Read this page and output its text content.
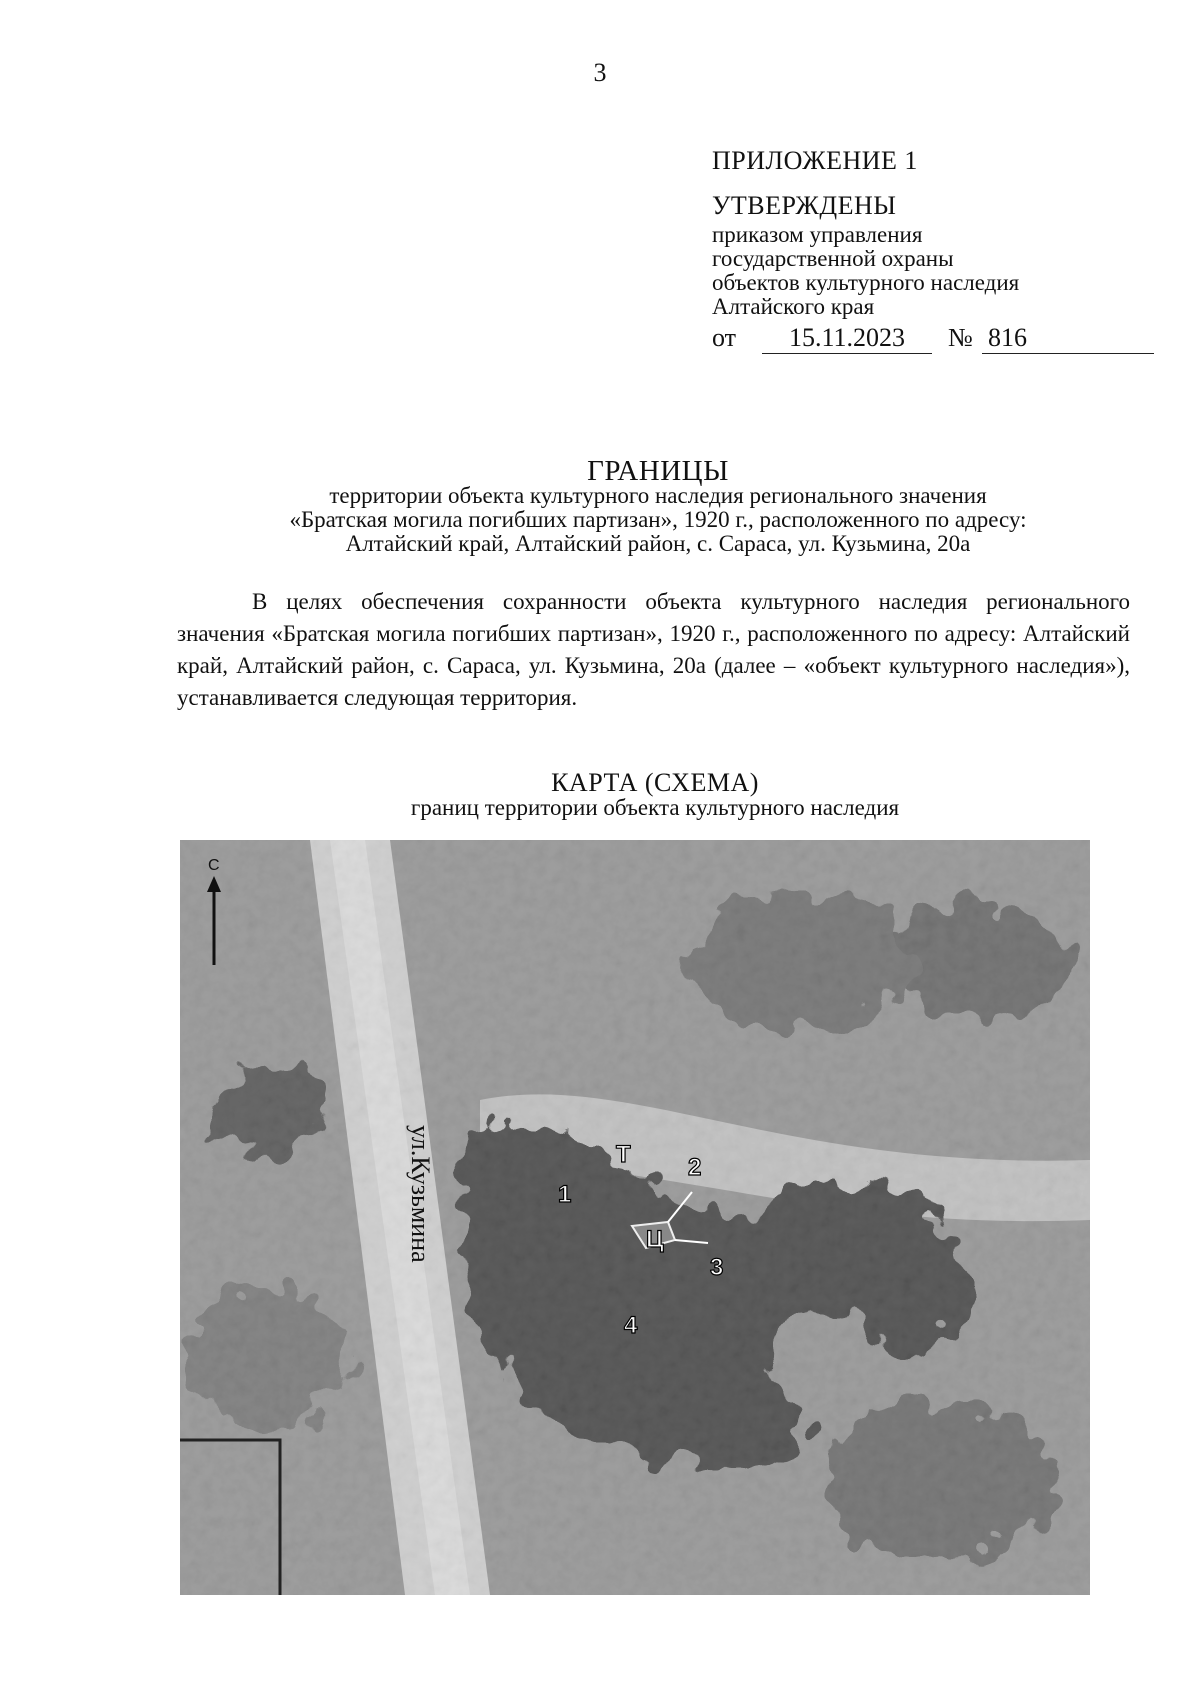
3
ПРИЛОЖЕНИЕ 1
УТВЕРЖДЕНЫ
приказом управления
государственной охраны
объектов культурного наследия
Алтайского края
от	15.11.2023	№ 816
ГРАНИЦЫ
территории объекта культурного наследия регионального значения
«Братская могила погибших партизан», 1920 г., расположенного по адресу:
Алтайский край, Алтайский район, с. Сараса, ул. Кузьмина, 20а
В целях обеспечения сохранности объекта культурного наследия регионального значения «Братская могила погибших партизан», 1920 г., расположенного по адресу: Алтайский край, Алтайский район, с. Сараса, ул. Кузьмина, 20а (далее – «объект культурного наследия»), устанавливается следующая территория.
КАРТА (СХЕМА)
границ территории объекта культурного наследия
С
ул.Кузьмина	Т
Ц
1
2
3
4
